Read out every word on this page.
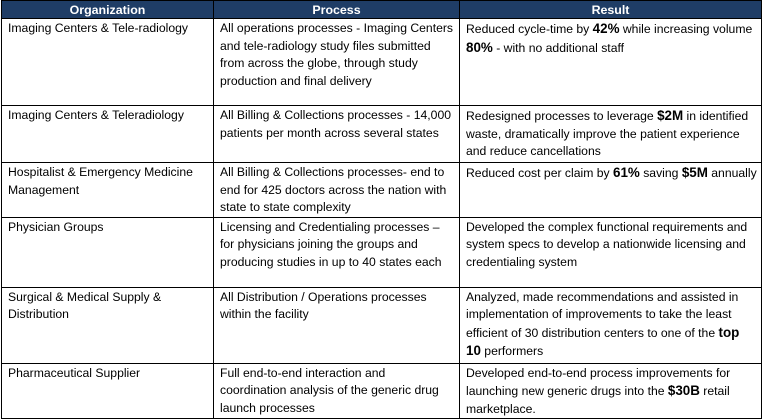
Organization	Process	Result
Imaging Centers & Tele-radiology	All operations processes - Imaging Centers and tele-radiology study files submitted from across the globe, through study production and final delivery	Reduced cycle-time by 42% while increasing volume 80% - with no additional staff
Imaging Centers & Teleradiology	All Billing & Collections processes - 14,000 patients per month across several states	Redesigned processes to leverage $2M in identified waste, dramatically improve the patient experience and reduce cancellations
Hospitalist & Emergency Medicine Management	All Billing & Collections processes- end to end for 425 doctors across the nation with state to state complexity	Reduced cost per claim by 61% saving $5M annually
Physician Groups	Licensing and Credentialing processes – for physicians joining the groups and producing studies in up to 40 states each	Developed the complex functional requirements and system specs to develop a nationwide licensing and credentialing system
Surgical & Medical Supply & Distribution	All Distribution / Operations processes within the facility	Analyzed, made recommendations and assisted in implementation of improvements to take the least efficient of 30 distribution centers to one of the top 10 performers
Pharmaceutical Supplier	Full end-to-end interaction and coordination analysis of the generic drug launch processes	Developed end-to-end process improvements for launching new generic drugs into the $30B retail marketplace.
